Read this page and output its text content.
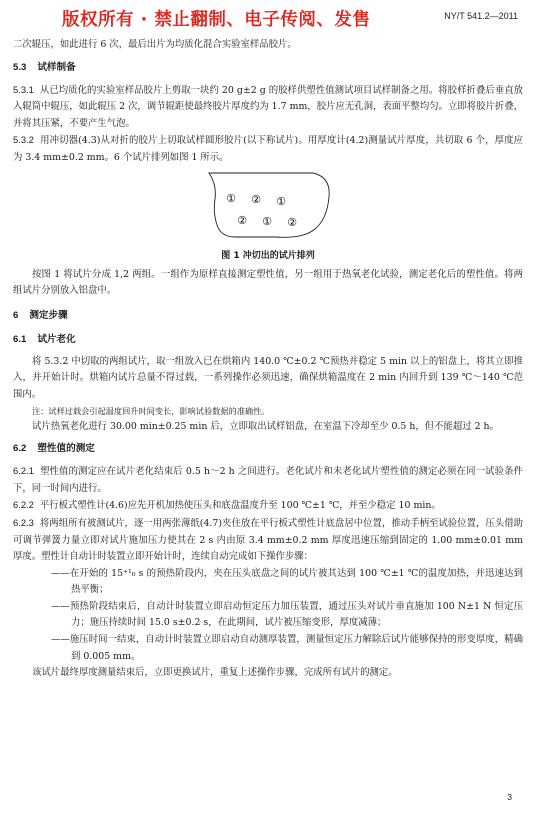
版权所有 · 禁止翻制、电子传阅、发售	NY/T 541.2—2011

二次辊压，如此进行 6 次，最后出片为均质化混合实验室样品胶片。

5.3 试样制备

5.3.1 从已均质化的实验室样品胶片上剪取一块约 20 g±2 g 的胶样供塑性值测试项目试样制备之用。将胶样折叠后垂直放入辊筒中辊压，如此辊压 2 次，调节辊距使最终胶片厚度约为 1.7 mm，胶片应无孔洞，表面平整均匀。立即将胶片折叠，并将其压紧，不要产生气泡。

5.3.2 用冲切器(4.3)从对折的胶片上切取试样圆形胶片(以下称试片)。用厚度计(4.2)测量试片厚度，共切取 6 个，厚度应为 3.4 mm±0.2 mm。6 个试片排列如图 1 所示。

① ② ①
② ① ②
图 1 冲切出的试片排列

按图 1 将试片分成 1,2 两组。一组作为原样直接测定塑性值，另一组用于热氧老化试验，测定老化后的塑性值。将两组试片分别放入铝盘中。

6 测定步骤
6.1 试片老化

将 5.3.2 中切取的两组试片，取一组放入已在烘箱内 140.0 ℃±0.2 ℃预热并稳定 5 min 以上的铝盘上，将其立即推入，并开始计时。烘箱内试片总量不得过载，一系列操作必须迅速，确保烘箱温度在 2 min 内回升到 139 ℃～140 ℃范围内。

注：试样过载会引起温度回升时间变长，影响试验数据的准确性。

试片热氧老化进行 30.00 min±0.25 min 后，立即取出试样铝盘，在室温下冷却至少 0.5 h，但不能超过 2 h。

6.2 塑性值的测定

6.2.1 塑性值的测定应在试片老化结束后 0.5 h～2 h 之间进行。老化试片和未老化试片塑性值的测定必须在同一试验条件下，同一时间内进行。

6.2.2 平行板式塑性计(4.6)应先开机加热使压头和底盘温度升至 100 ℃±1 ℃，并至少稳定 10 min。

6.2.3 将两组所有被测试片，逐一用两张薄纸(4.7)夹住放在平行板式塑性计底盘居中位置，推动手柄至试验位置，压头借助可调节弹簧力量立即对试片施加压力使其在 2 s 内由原 3.4 mm±0.2 mm 厚度迅速压缩到固定的 1.00 mm±0.01 mm 厚度。塑性计自动计时装置立即开始计时，连续自动完成如下操作步骤：

——在开始的 15⁺¹₀ s 的预热阶段内，夹在压头底盘之间的试片被其达到 100 ℃±1 ℃的温度加热，并迅速达到热平衡；

——预热阶段结束后，自动计时装置立即启动恒定压力加压装置，通过压头对试片垂直施加 100 N±1 N 恒定压力；施压持续时间 15.0 s±0.2 s，在此期间，试片被压缩变形，厚度减薄；

——施压时间一结束，自动计时装置立即启动自动测厚装置，测量恒定压力解除后试片能够保持的形变厚度，精确到 0.005 mm。

该试片最终厚度测量结束后，立即更换试片，重复上述操作步骤，完成所有试片的测定。

3
